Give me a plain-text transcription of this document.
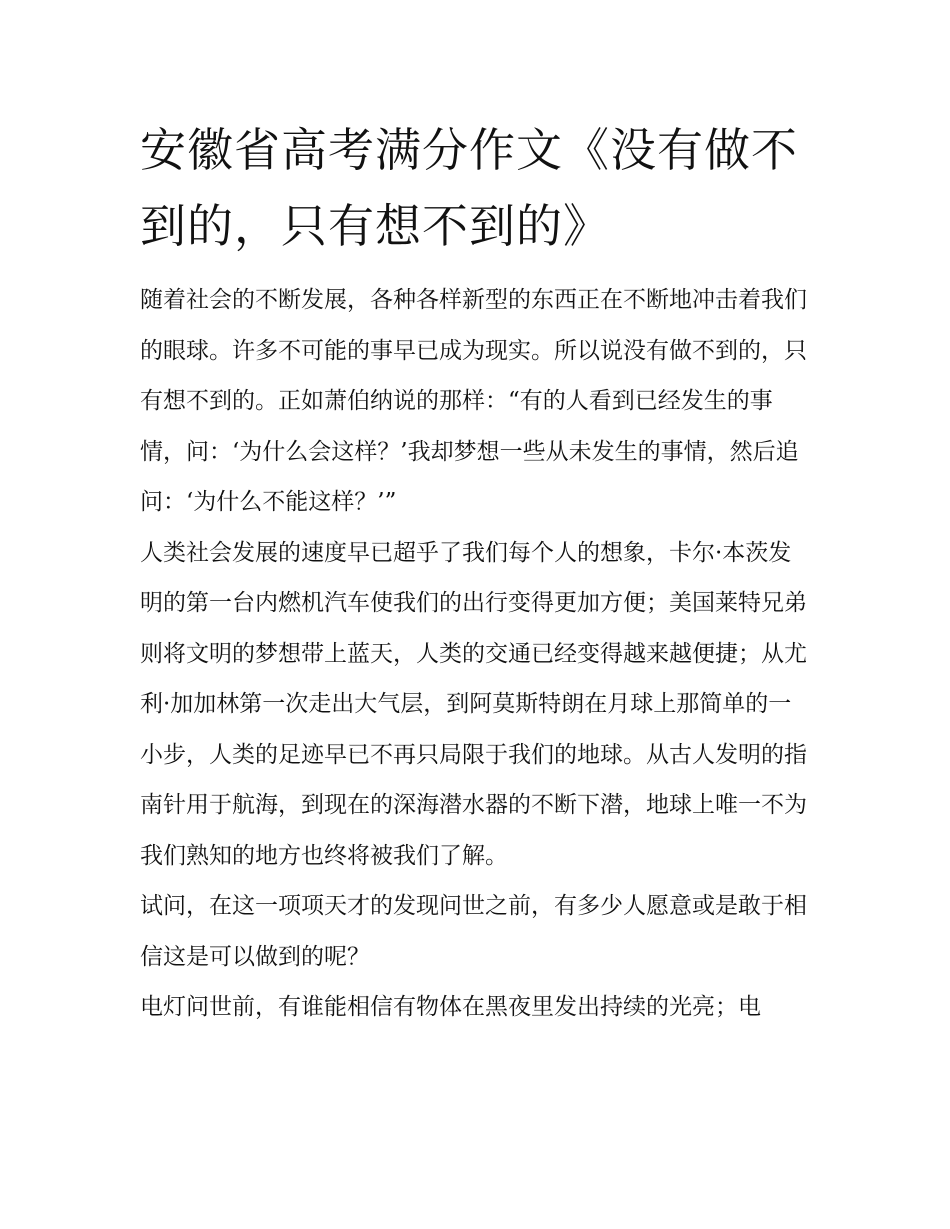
安徽省高考满分作文《没有做不到的，只有想不到的》

随着社会的不断发展，各种各样新型的东西正在不断地冲击着我们的眼球。许多不可能的事早已成为现实。所以说没有做不到的，只有想不到的。正如萧伯纳说的那样：“有的人看到已经发生的事情，问：‘为什么会这样？’我却梦想一些从未发生的事情，然后追问：‘为什么不能这样？’”

人类社会发展的速度早已超乎了我们每个人的想象，卡尔·本茨发明的第一台内燃机汽车使我们的出行变得更加方便；美国莱特兄弟则将文明的梦想带上蓝天，人类的交通已经变得越来越便捷；从尤利·加加林第一次走出大气层，到阿莫斯特朗在月球上那简单的一小步，人类的足迹早已不再只局限于我们的地球。从古人发明的指南针用于航海，到现在的深海潜水器的不断下潜，地球上唯一不为我们熟知的地方也终将被我们了解。

试问，在这一项项天才的发现问世之前，有多少人愿意或是敢于相信这是可以做到的呢？

电灯问世前，有谁能相信有物体在黑夜里发出持续的光亮；电
